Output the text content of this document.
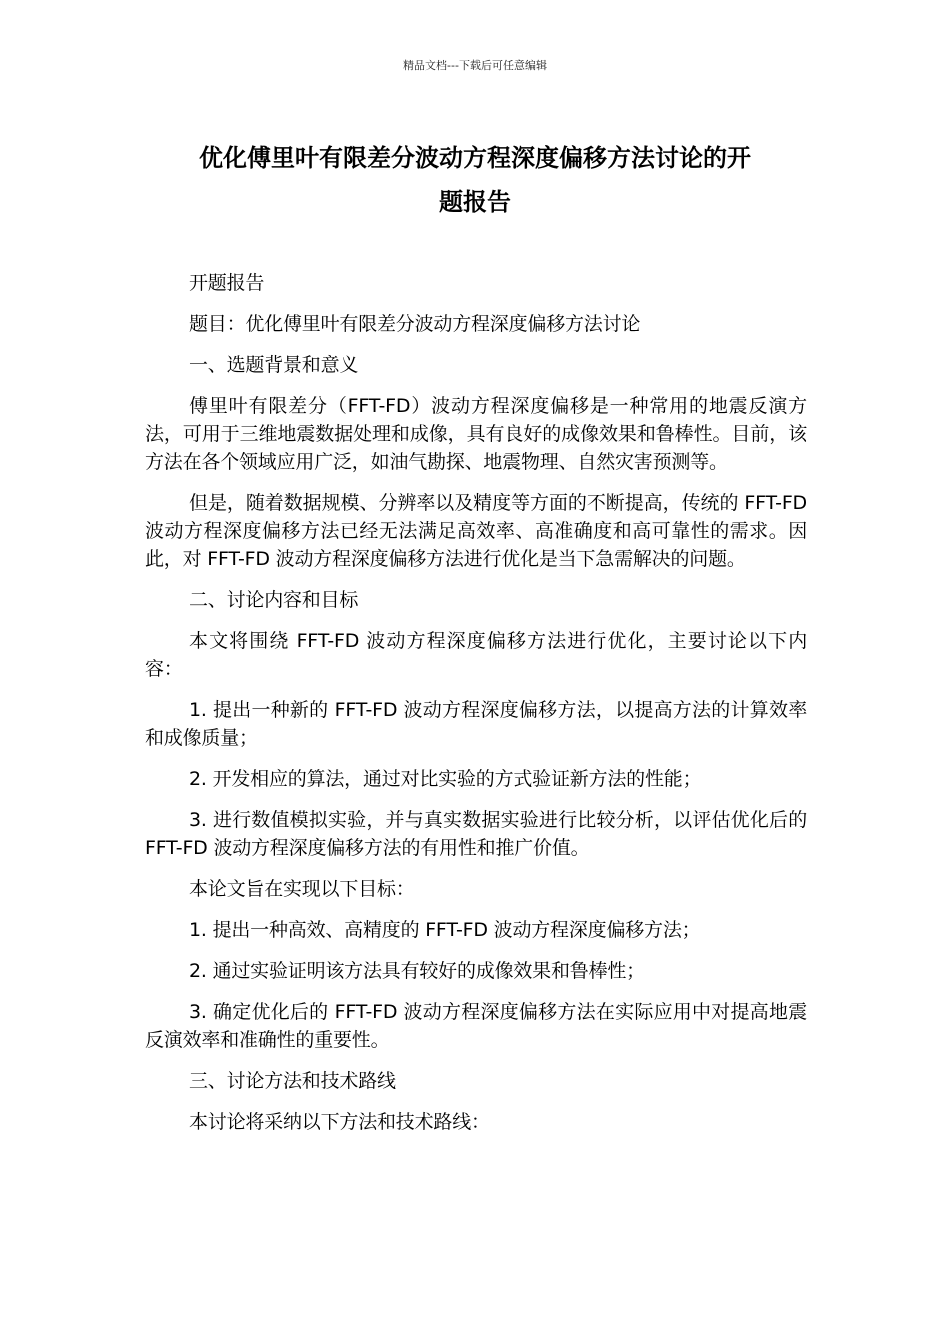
精品文档---下载后可任意编辑
优化傅里叶有限差分波动方程深度偏移方法讨论的开
题报告

开题报告

题目：优化傅里叶有限差分波动方程深度偏移方法讨论

一、选题背景和意义

傅里叶有限差分（FFT-FD）波动方程深度偏移是一种常用的地震反演方法，可用于三维地震数据处理和成像，具有良好的成像效果和鲁棒性。目前，该方法在各个领域应用广泛，如油气勘探、地震物理、自然灾害预测等。

但是，随着数据规模、分辨率以及精度等方面的不断提高，传统的 FFT-FD 波动方程深度偏移方法已经无法满足高效率、高准确度和高可靠性的需求。因此，对 FFT-FD 波动方程深度偏移方法进行优化是当下急需解决的问题。

二、讨论内容和目标

本文将围绕 FFT-FD 波动方程深度偏移方法进行优化，主要讨论以下内容：

1. 提出一种新的 FFT-FD 波动方程深度偏移方法，以提高方法的计算效率和成像质量；

2. 开发相应的算法，通过对比实验的方式验证新方法的性能；

3. 进行数值模拟实验，并与真实数据实验进行比较分析，以评估优化后的 FFT-FD 波动方程深度偏移方法的有用性和推广价值。

本论文旨在实现以下目标：

1. 提出一种高效、高精度的 FFT-FD 波动方程深度偏移方法；

2. 通过实验证明该方法具有较好的成像效果和鲁棒性；

3. 确定优化后的 FFT-FD 波动方程深度偏移方法在实际应用中对提高地震反演效率和准确性的重要性。

三、讨论方法和技术路线

本讨论将采纳以下方法和技术路线：
